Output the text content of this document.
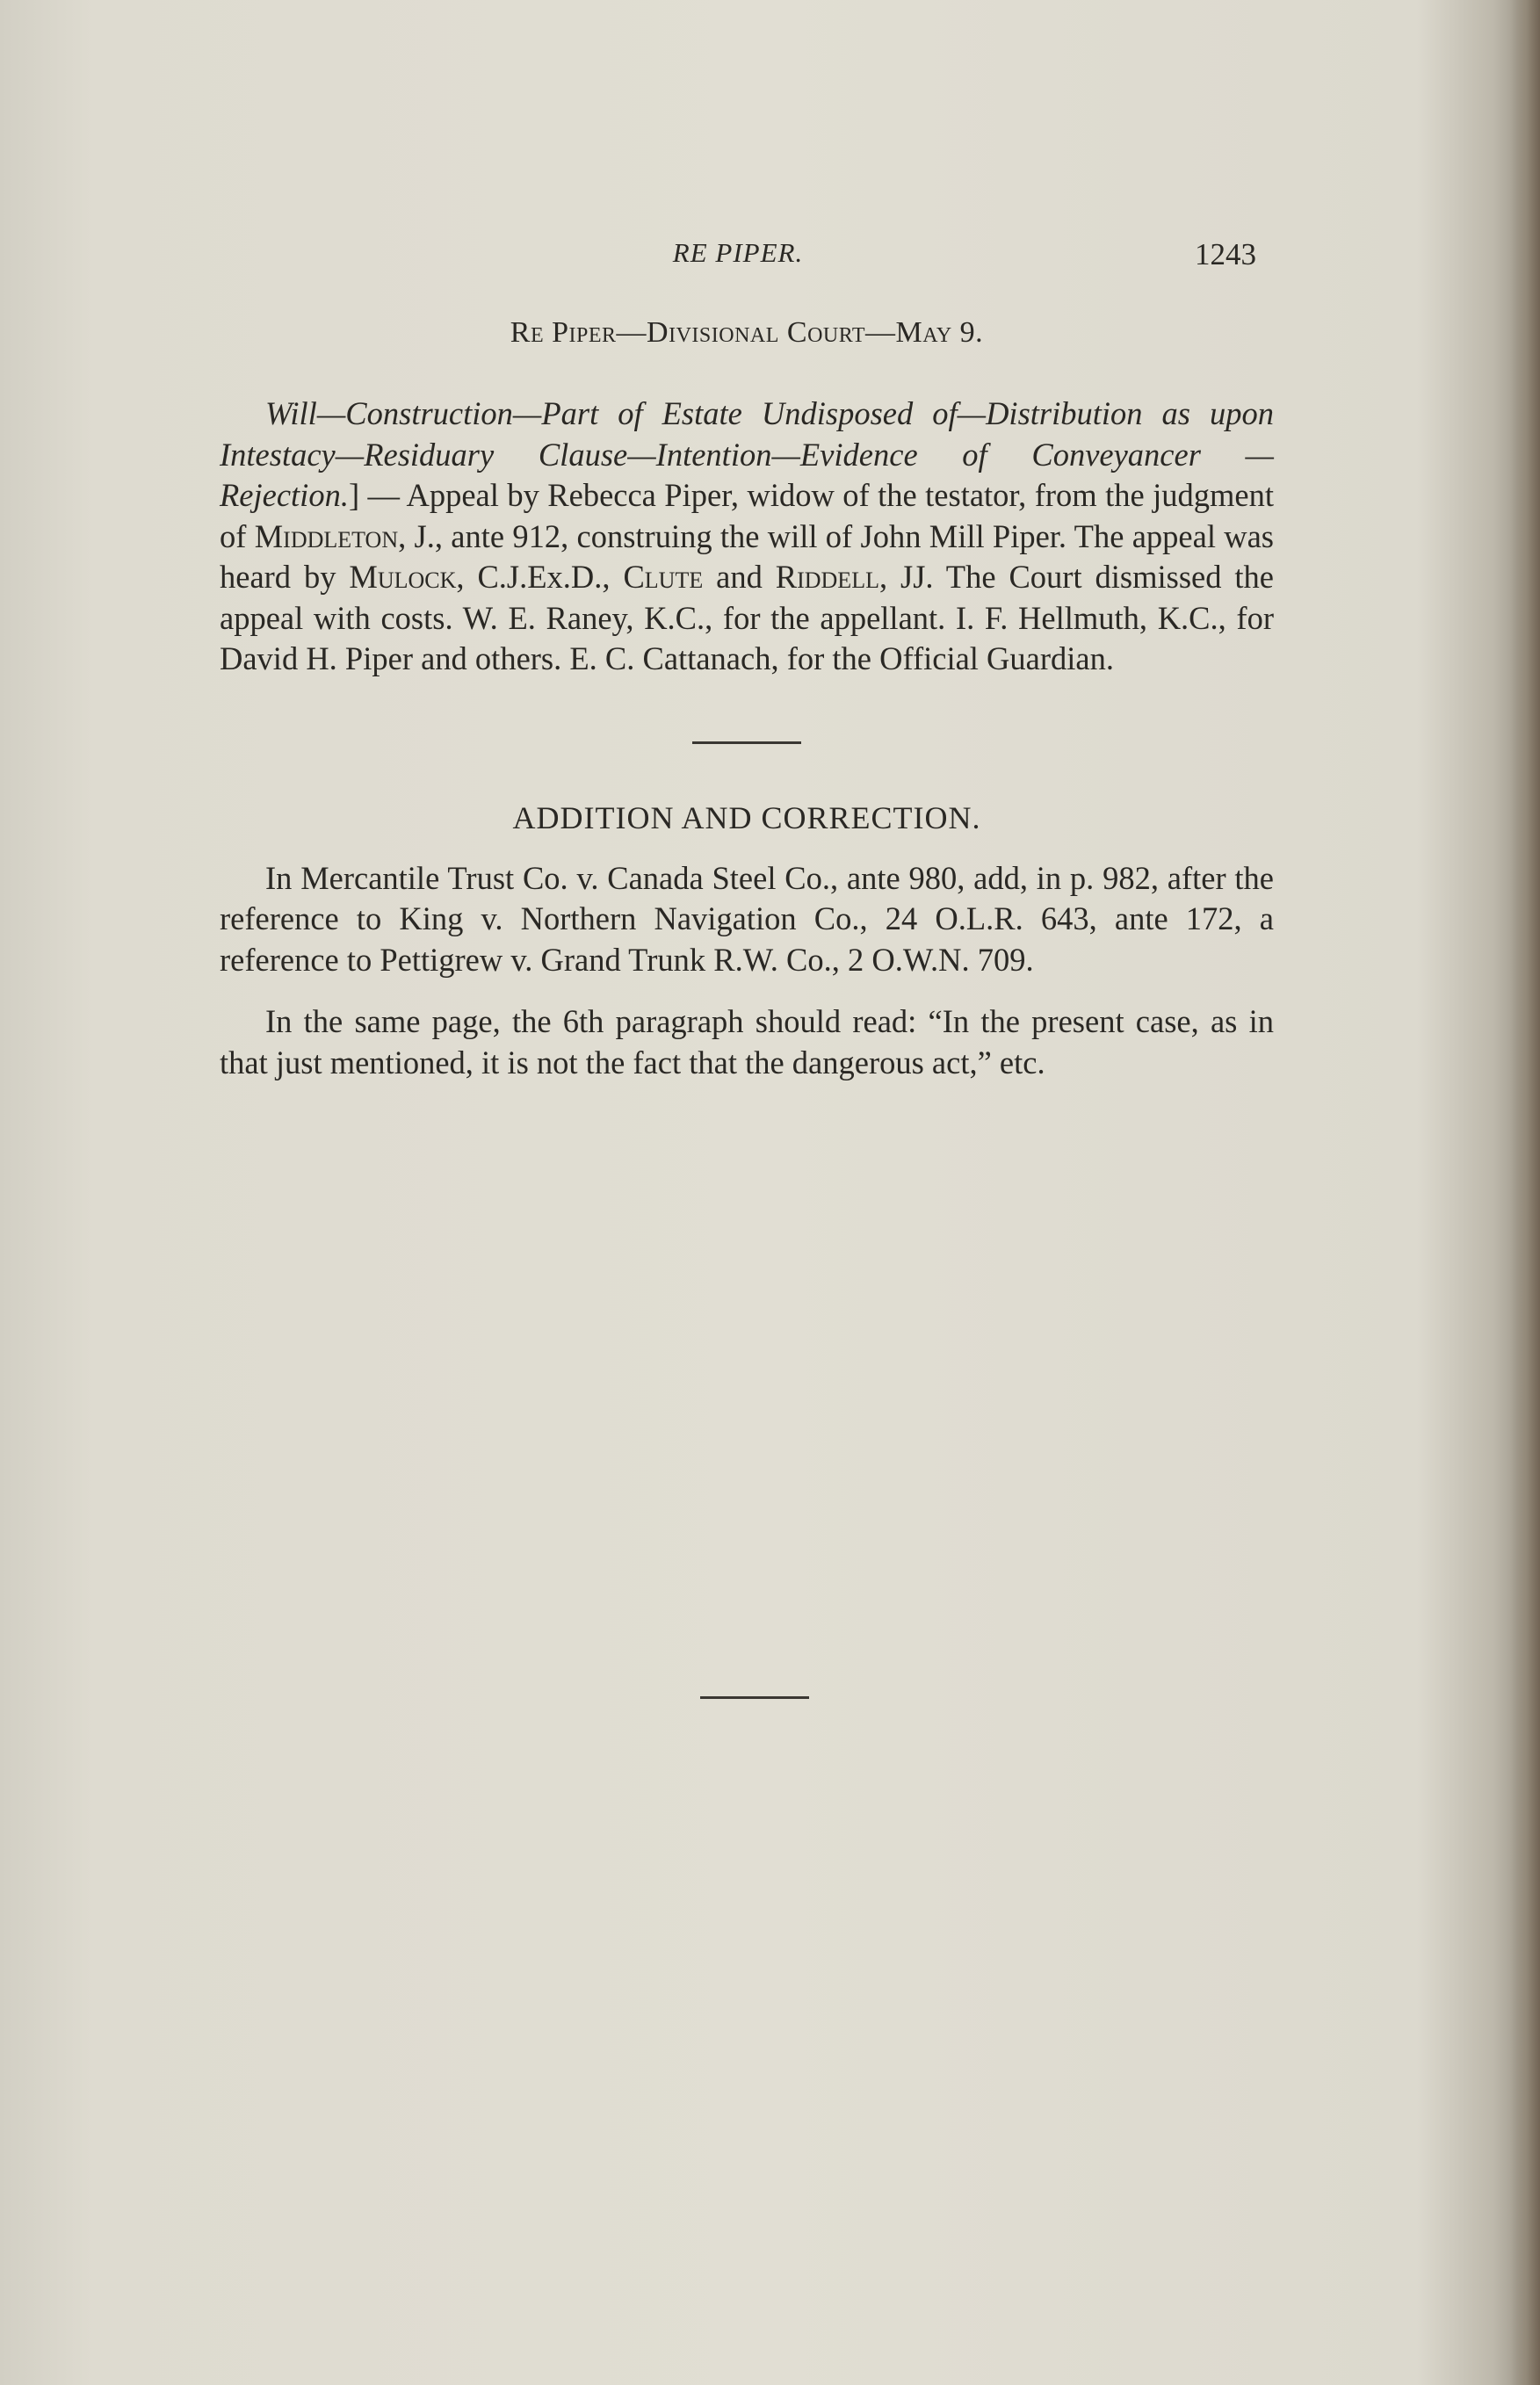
RE PIPER.	1243
Re Piper—Divisional Court—May 9.

Will—Construction—Part of Estate Undisposed of—Distribution as upon Intestacy—Residuary Clause—Intention—Evidence of Conveyancer — Rejection.] — Appeal by Rebecca Piper, widow of the testator, from the judgment of Middleton, J., ante 912, construing the will of John Mill Piper. The appeal was heard by Mulock, C.J.Ex.D., Clute and Riddell, JJ. The Court dismissed the appeal with costs. W. E. Raney, K.C., for the appellant. I. F. Hellmuth, K.C., for David H. Piper and others. E. C. Cattanach, for the Official Guardian.

ADDITION AND CORRECTION.

In Mercantile Trust Co. v. Canada Steel Co., ante 980, add, in p. 982, after the reference to King v. Northern Navigation Co., 24 O.L.R. 643, ante 172, a reference to Pettigrew v. Grand Trunk R.W. Co., 2 O.W.N. 709.

In the same page, the 6th paragraph should read: “In the present case, as in that just mentioned, it is not the fact that the dangerous act,” etc.
